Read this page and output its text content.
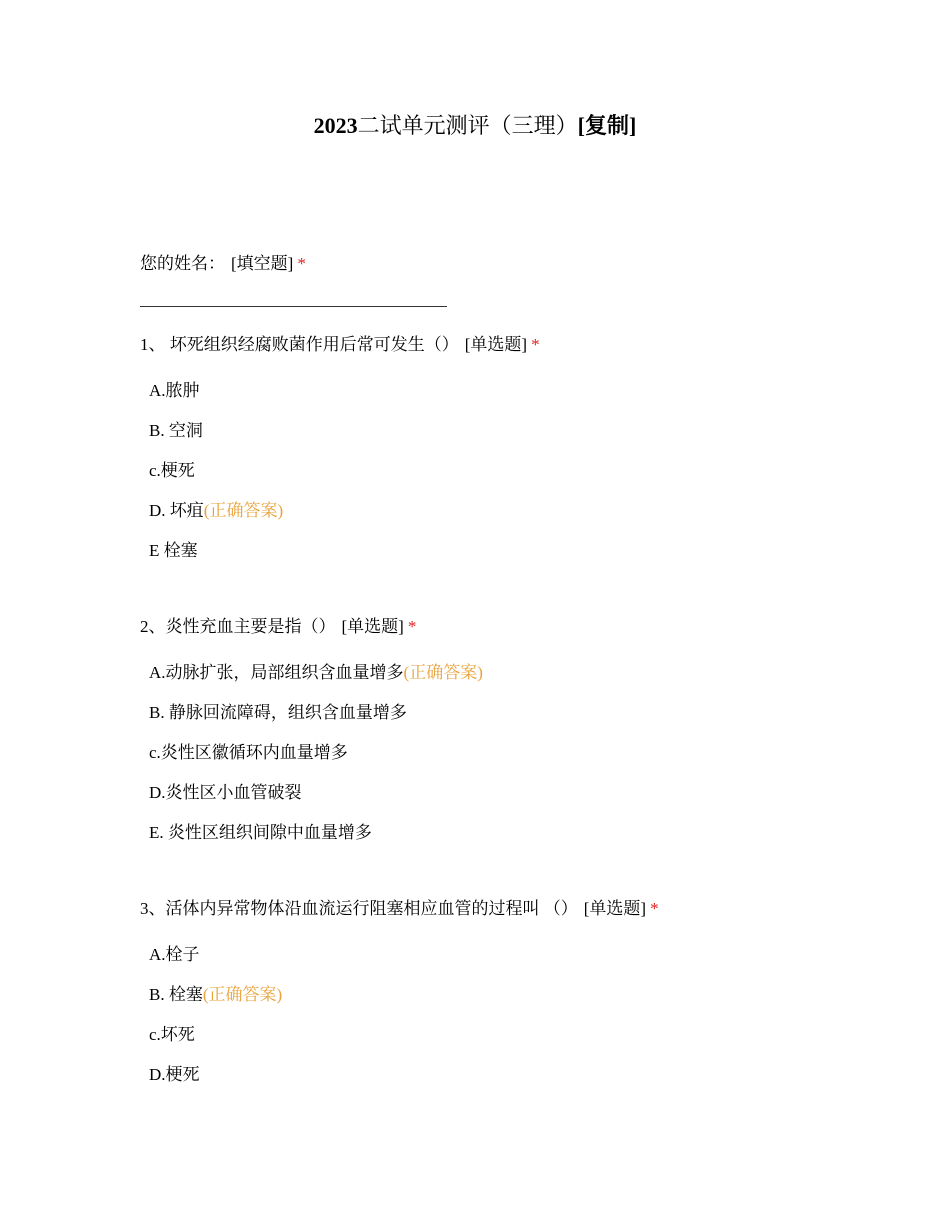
2023二试单元测评（三理）[复制]
您的姓名： [填空题] *
1、 坏死组织经腐败菌作用后常可发生（） [单选题] *
A.脓肿
B. 空洞
c.梗死
D. 坏疽(正确答案)
E 栓塞
2、炎性充血主要是指（） [单选题] *
A.动脉扩张，局部组织含血量增多(正确答案)
B. 静脉回流障碍，组织含血量增多
c.炎性区徽循环内血量增多
D.炎性区小血管破裂
E. 炎性区组织间隙中血量增多
3、活体内异常物体沿血流运行阻塞相应血管的过程叫 （） [单选题] *
A.栓子
B. 栓塞(正确答案)
c.坏死
D.梗死
